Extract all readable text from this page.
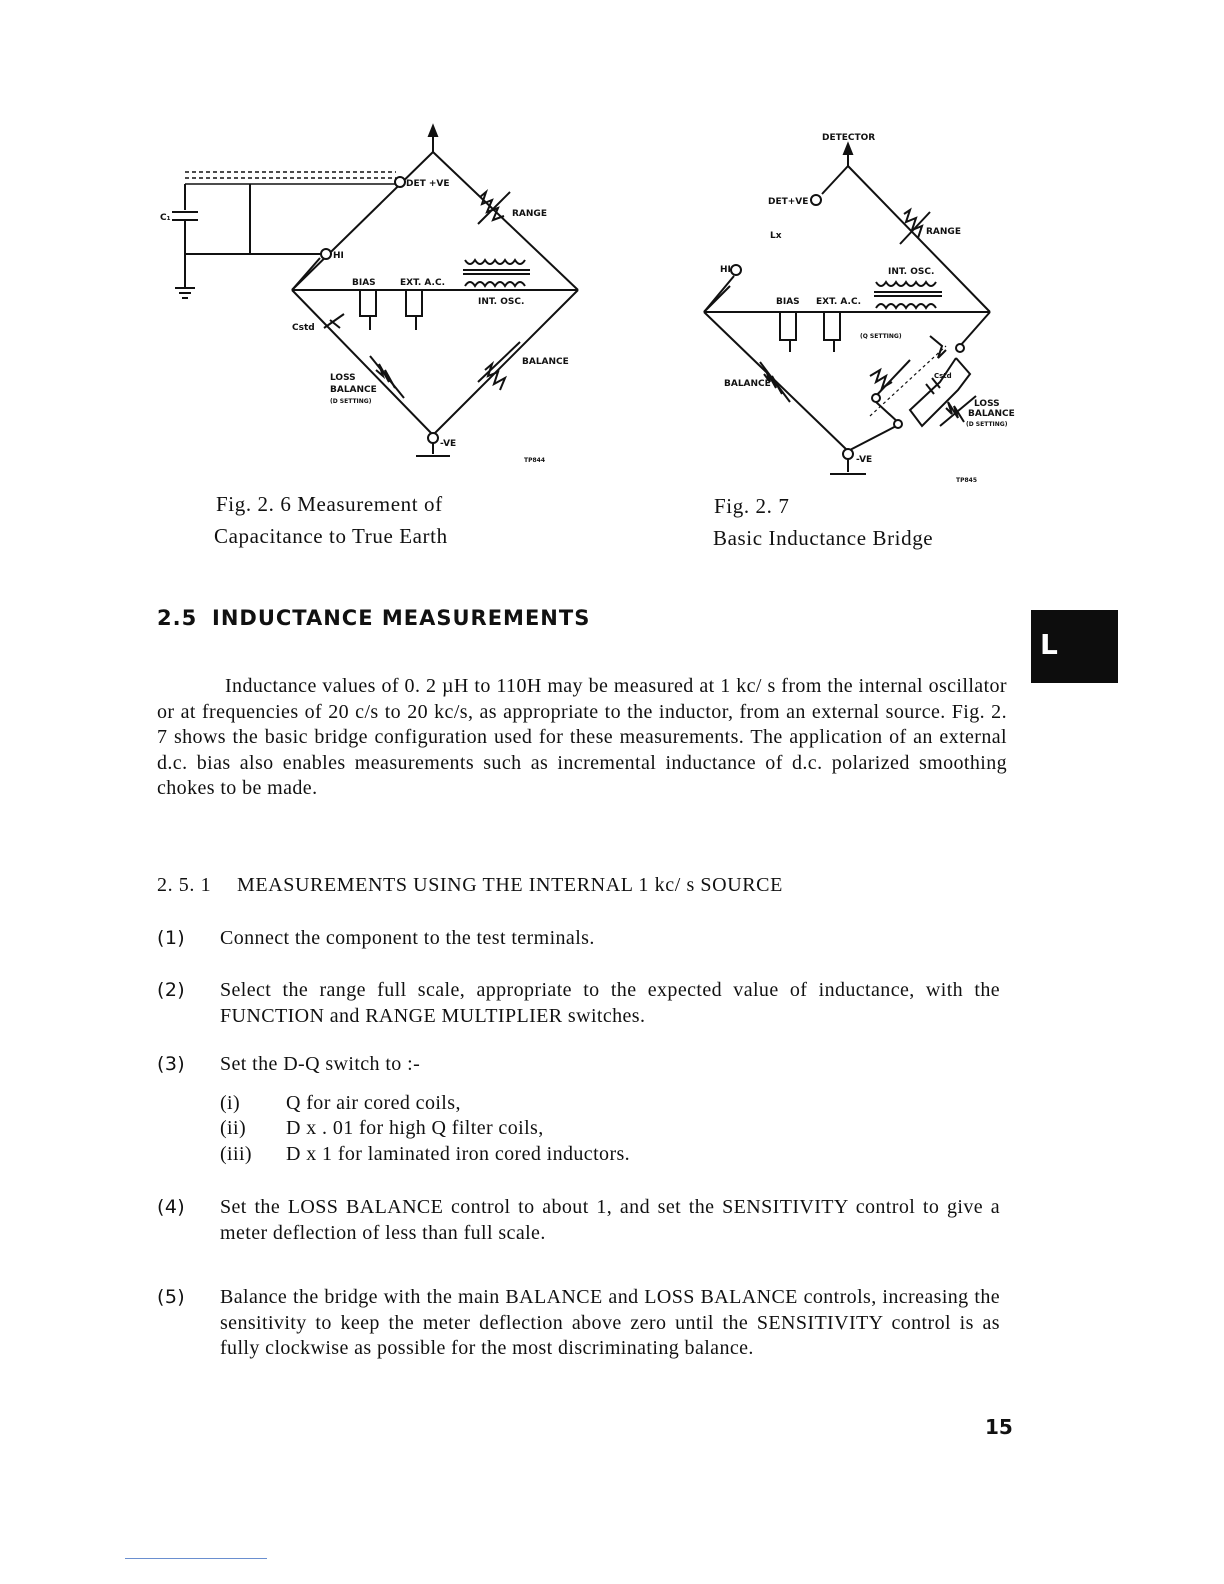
DET +VE
RANGE
C₁
HI
BIAS	EXT. A.C.
INT. OSC.
Cstd
BALANCE
LOSS
BALANCE
(D SETTING)
-VE
TP844
Fig. 2. 6 Measurement of
Capacitance to True Earth
DETECTOR
DET+VE
Lx	RANGE
HI	INT. OSC.
BIAS EXT. A.C.
(Q SETTING)
BALANCE
Cstd
LOSS
BALANCE
(D SETTING)
-VE
TP845
Fig. 2. 7
Basic Inductance Bridge
2.5 INDUCTANCE MEASUREMENTS
L
Inductance values of 0. 2 µH to 110H may be measured at 1 kc/ s from the internal oscillator or at frequencies of 20 c/s to 20 kc/s, as appropriate to the inductor, from an external source. Fig. 2. 7 shows the basic bridge configuration used for these measurements. The application of an external d.c. bias also enables measurements such as incremental inductance of d.c. polarized smoothing chokes to be made.
2. 5. 1 MEASUREMENTS USING THE INTERNAL 1 kc/ s SOURCE
(1) Connect the component to the test terminals.
(2) Select the range full scale, appropriate to the expected value of inductance, with the FUNCTION and RANGE MULTIPLIER switches.
(3) Set the D-Q switch to :-
(i) Q for air cored coils,
(ii) D x . 01 for high Q filter coils,
(iii) D x 1 for laminated iron cored inductors.
(4) Set the LOSS BALANCE control to about 1, and set the SENSITIVITY control to give a meter deflection of less than full scale.
(5) Balance the bridge with the main BALANCE and LOSS BALANCE controls, increasing the sensitivity to keep the meter deflection above zero until the SENSITIVITY control is as fully clockwise as possible for the most discriminating balance.
15
